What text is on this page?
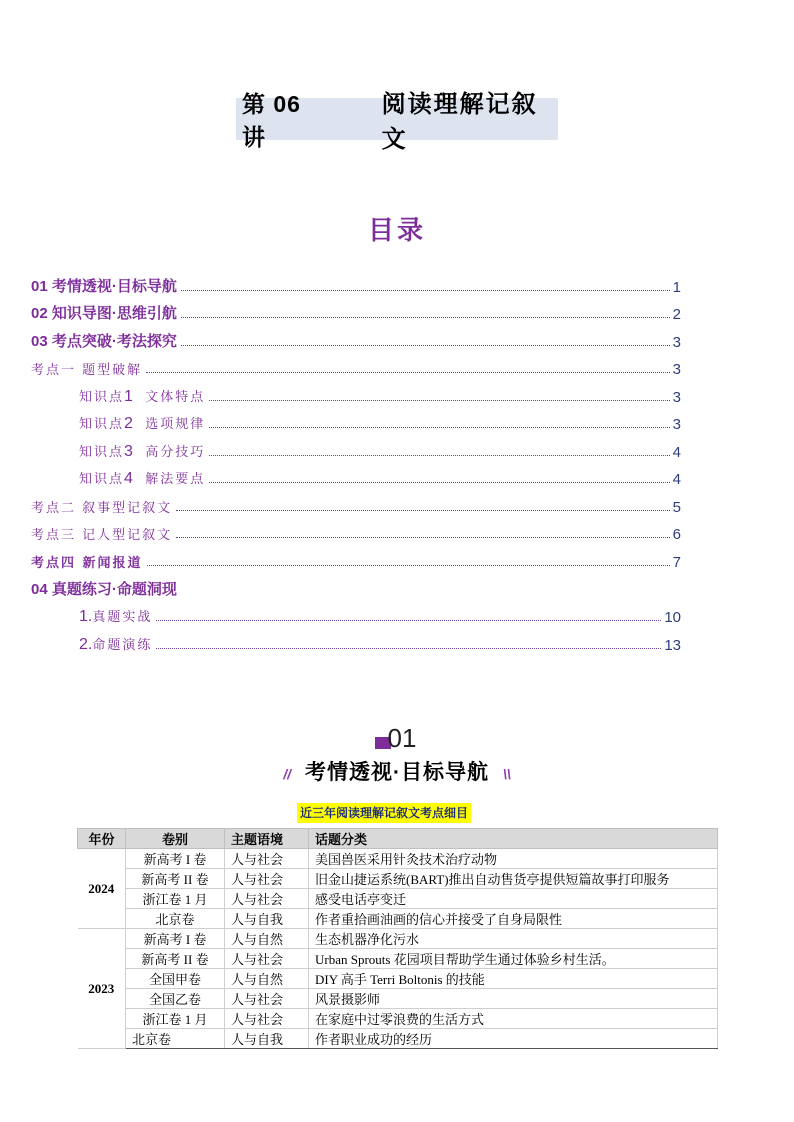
第 06 讲
阅读理解记叙文
目录
01 考情透视·目标导航	1
02 知识导图·思维引航	2
03 考点突破·考法探究	3
考点一 题型破解	3
知识点1 文体特点	3
知识点2 选项规律	3
知识点3 高分技巧	4
知识点4 解法要点	4
考点二 叙事型记叙文	5
考点三 记人型记叙文	6
考点四 新闻报道	7
04 真题练习·命题洞现
1.真题实战	10
2.命题演练	13
01
// 考情透视·目标导航 \\
近三年阅读理解记叙文考点细目
年份	卷别	主题语境	话题分类
2024	新高考 I 卷	人与社会	美国兽医采用针灸技术治疗动物
	新高考 II 卷	人与社会	旧金山捷运系统(BART)推出自动售货亭提供短篇故事打印服务
	浙江卷 1 月	人与社会	感受电话亭变迁
	北京卷	人与自我	作者重拾画油画的信心并接受了自身局限性
2023	新高考 I 卷	人与自然	生态机器净化污水
	新高考 II 卷	人与社会	Urban Sprouts 花园项目帮助学生通过体验乡村生活。
	全国甲卷	人与自然	DIY 高手 Terri Boltonis 的技能
	全国乙卷	人与社会	风景摄影师
	浙江卷 1 月	人与社会	在家庭中过零浪费的生活方式
	北京卷	人与自我	作者职业成功的经历
